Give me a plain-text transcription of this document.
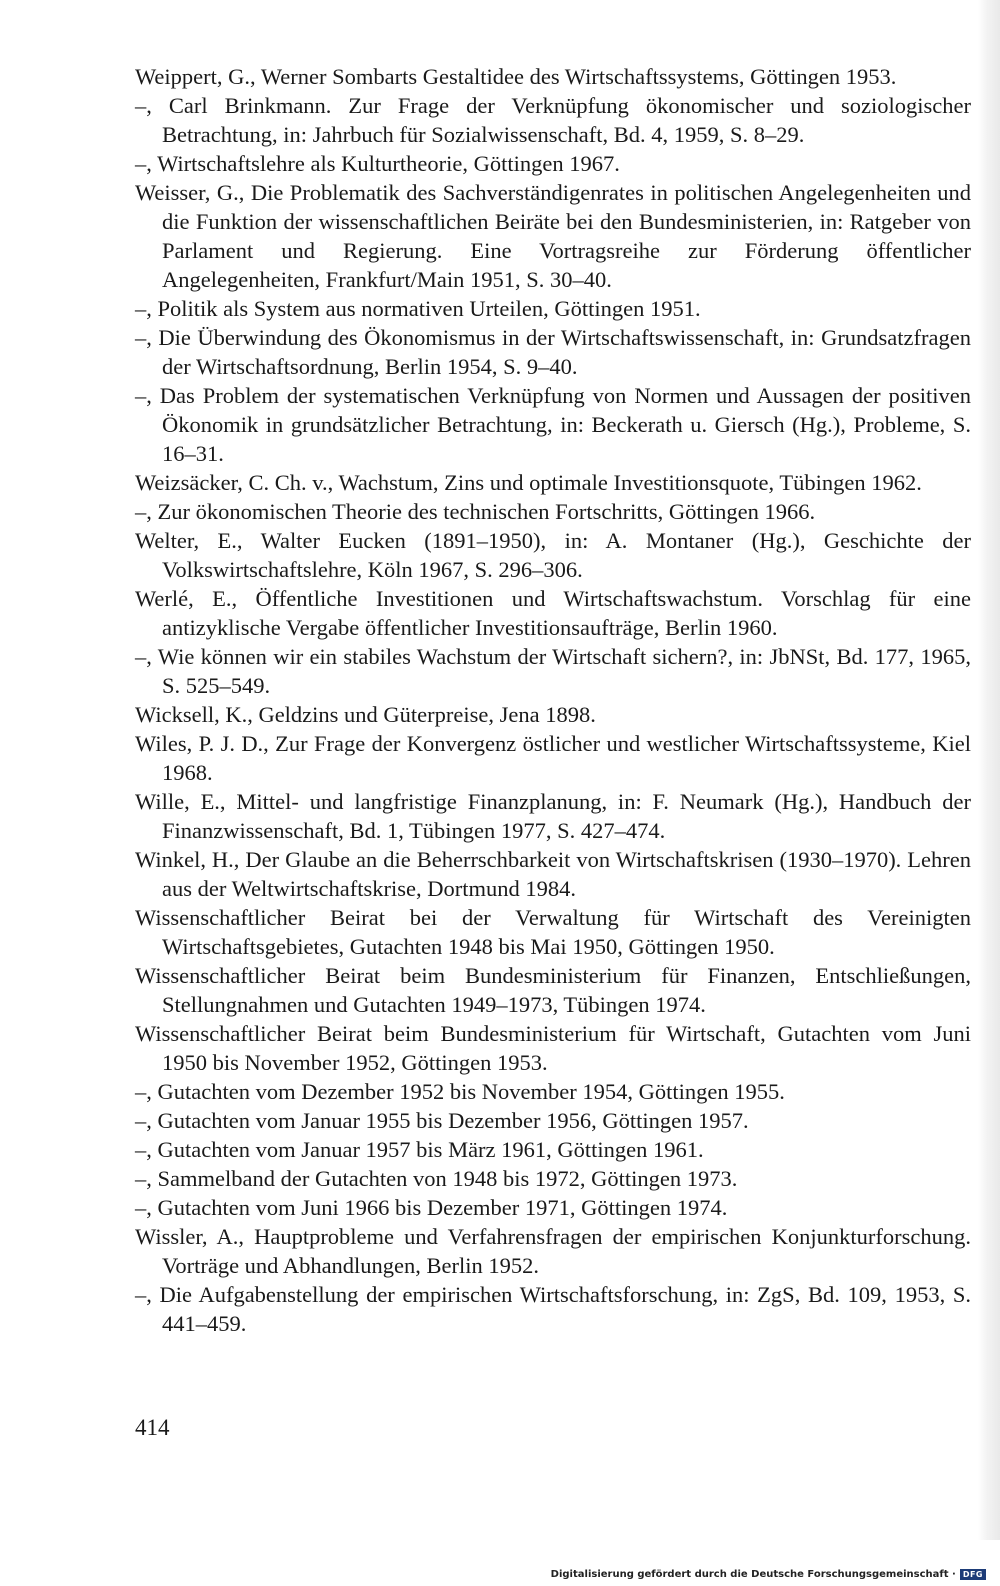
Weippert, G., Werner Sombarts Gestaltidee des Wirtschaftssystems, Göttingen 1953.
–, Carl Brinkmann. Zur Frage der Verknüpfung ökonomischer und soziologischer Betrachtung, in: Jahrbuch für Sozialwissenschaft, Bd. 4, 1959, S. 8–29.
–, Wirtschaftslehre als Kulturtheorie, Göttingen 1967.
Weisser, G., Die Problematik des Sachverständigenrates in politischen Angelegenheiten und die Funktion der wissenschaftlichen Beiräte bei den Bundesministerien, in: Ratgeber von Parlament und Regierung. Eine Vortragsreihe zur Förderung öffentlicher Angelegenheiten, Frankfurt/Main 1951, S. 30–40.
–, Politik als System aus normativen Urteilen, Göttingen 1951.
–, Die Überwindung des Ökonomismus in der Wirtschaftswissenschaft, in: Grundsatzfragen der Wirtschaftsordnung, Berlin 1954, S. 9–40.
–, Das Problem der systematischen Verknüpfung von Normen und Aussagen der positiven Ökonomik in grundsätzlicher Betrachtung, in: Beckerath u. Giersch (Hg.), Probleme, S. 16–31.
Weizsäcker, C. Ch. v., Wachstum, Zins und optimale Investitionsquote, Tübingen 1962.
–, Zur ökonomischen Theorie des technischen Fortschritts, Göttingen 1966.
Welter, E., Walter Eucken (1891–1950), in: A. Montaner (Hg.), Geschichte der Volkswirtschaftslehre, Köln 1967, S. 296–306.
Werlé, E., Öffentliche Investitionen und Wirtschaftswachstum. Vorschlag für eine antizyklische Vergabe öffentlicher Investitionsaufträge, Berlin 1960.
–, Wie können wir ein stabiles Wachstum der Wirtschaft sichern?, in: JbNSt, Bd. 177, 1965, S. 525–549.
Wicksell, K., Geldzins und Güterpreise, Jena 1898.
Wiles, P. J. D., Zur Frage der Konvergenz östlicher und westlicher Wirtschaftssysteme, Kiel 1968.
Wille, E., Mittel- und langfristige Finanzplanung, in: F. Neumark (Hg.), Handbuch der Finanzwissenschaft, Bd. 1, Tübingen 1977, S. 427–474.
Winkel, H., Der Glaube an die Beherrschbarkeit von Wirtschaftskrisen (1930–1970). Lehren aus der Weltwirtschaftskrise, Dortmund 1984.
Wissenschaftlicher Beirat bei der Verwaltung für Wirtschaft des Vereinigten Wirtschaftsgebietes, Gutachten 1948 bis Mai 1950, Göttingen 1950.
Wissenschaftlicher Beirat beim Bundesministerium für Finanzen, Entschließungen, Stellungnahmen und Gutachten 1949–1973, Tübingen 1974.
Wissenschaftlicher Beirat beim Bundesministerium für Wirtschaft, Gutachten vom Juni 1950 bis November 1952, Göttingen 1953.
–, Gutachten vom Dezember 1952 bis November 1954, Göttingen 1955.
–, Gutachten vom Januar 1955 bis Dezember 1956, Göttingen 1957.
–, Gutachten vom Januar 1957 bis März 1961, Göttingen 1961.
–, Sammelband der Gutachten von 1948 bis 1972, Göttingen 1973.
–, Gutachten vom Juni 1966 bis Dezember 1971, Göttingen 1974.
Wissler, A., Hauptprobleme und Verfahrensfragen der empirischen Konjunkturforschung. Vorträge und Abhandlungen, Berlin 1952.
–, Die Aufgabenstellung der empirischen Wirtschaftsforschung, in: ZgS, Bd. 109, 1953, S. 441–459.
414
Digitalisierung gefördert durch die Deutsche Forschungsgemeinschaft · DFG
